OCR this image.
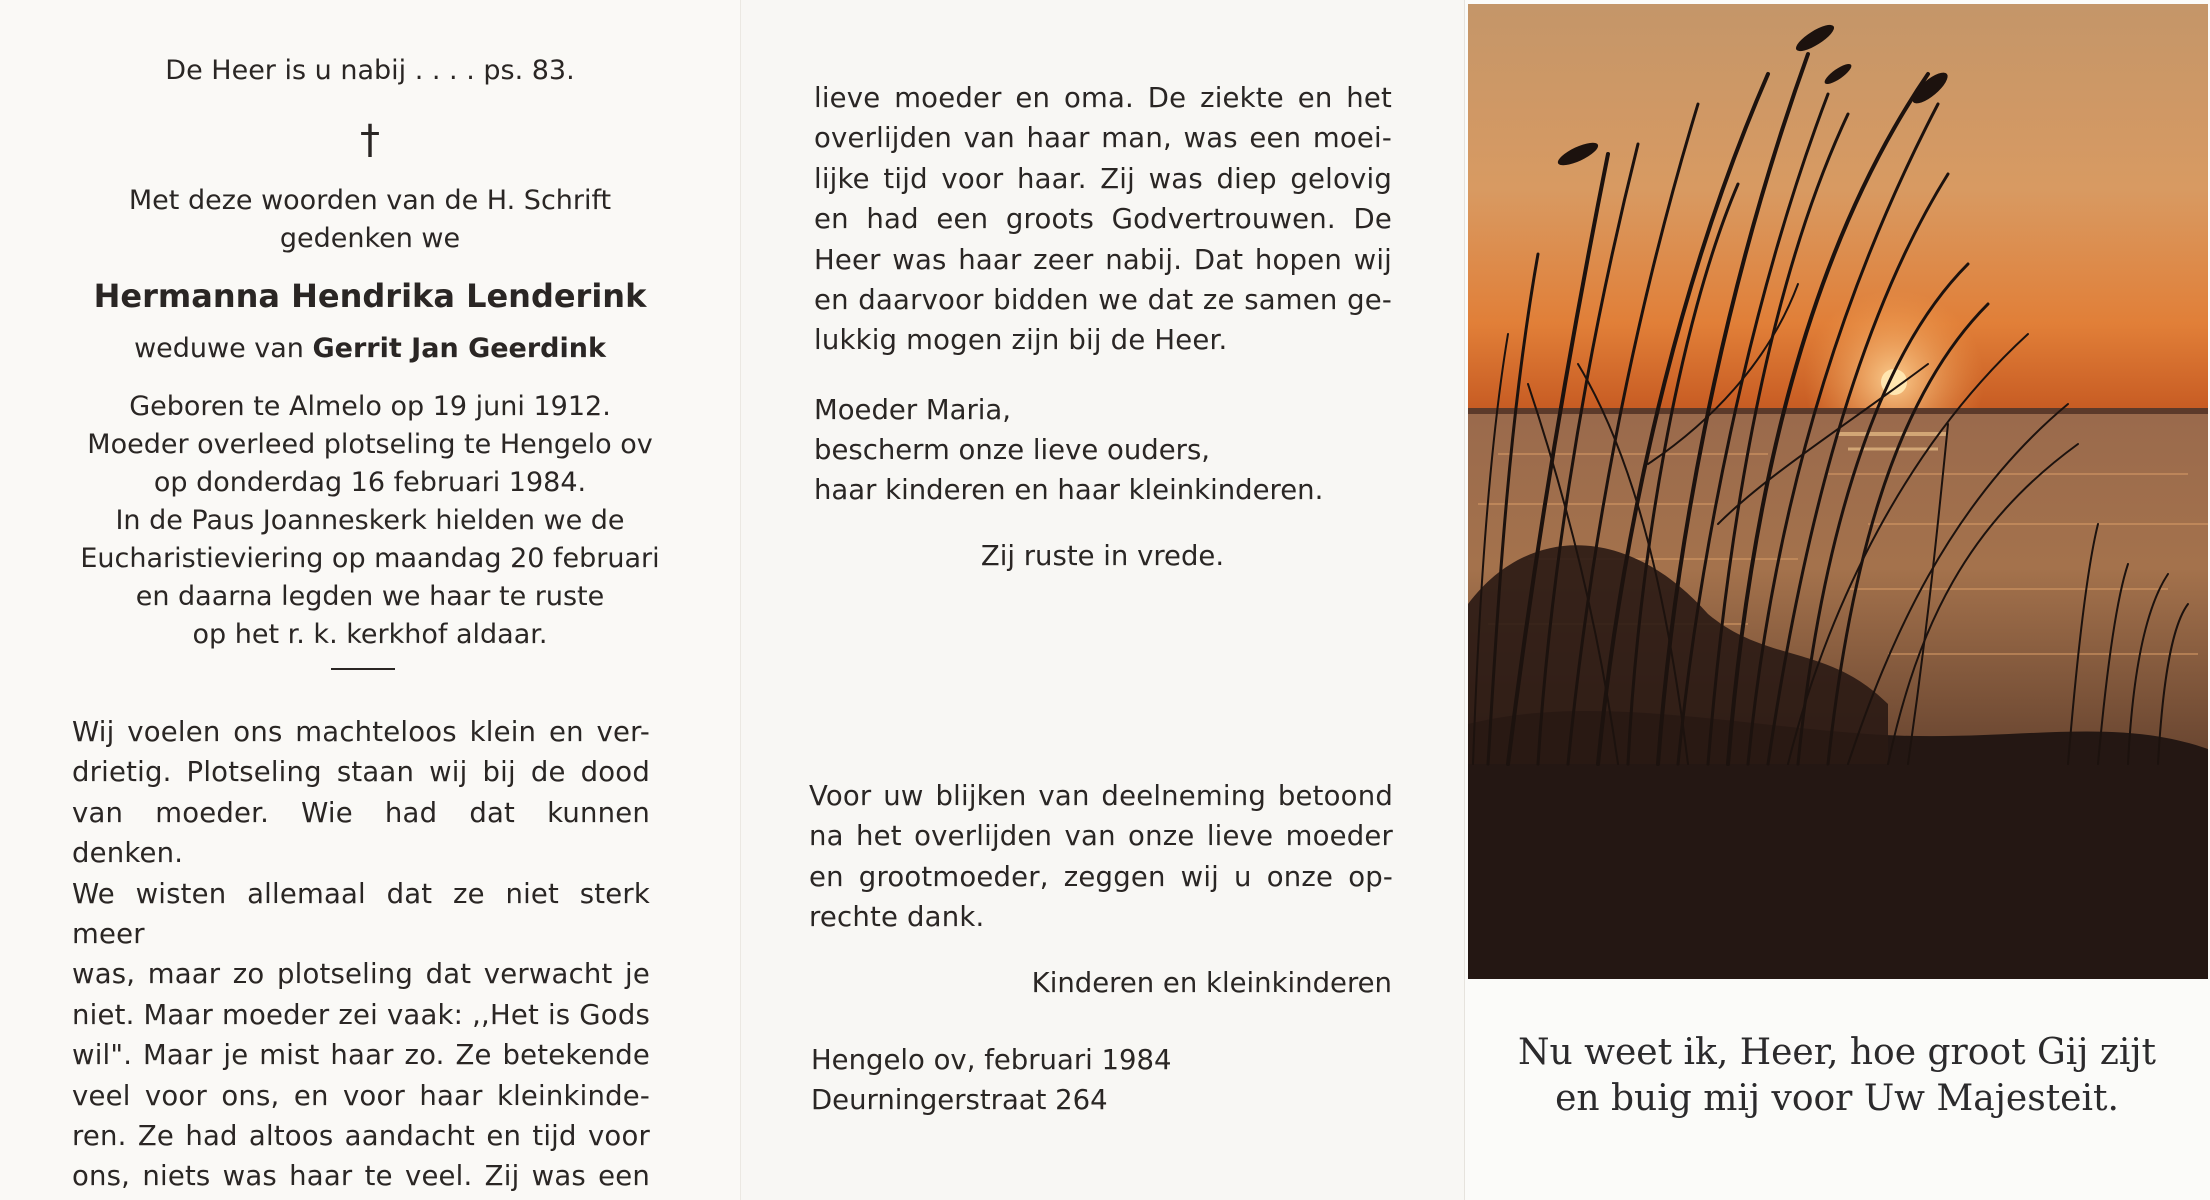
De Heer is u nabij . . . . ps. 83.

†

Met deze woorden van de H. Schrift

gedenken we

Hermanna Hendrika Lenderink

weduwe van Gerrit Jan Geerdink

Geboren te Almelo op 19 juni 1912.
Moeder overleed plotseling te Hengelo ov
op donderdag 16 februari 1984.
In de Paus Joanneskerk hielden we de
Eucharistieviering op maandag 20 februari
en daarna legden we haar te ruste
op het r. k. kerkhof aldaar.
Wij voelen ons machteloos klein en ver-
drietig. Plotseling staan wij bij de dood
van moeder. Wie had dat kunnen denken.
We wisten allemaal dat ze niet sterk meer
was, maar zo plotseling dat verwacht je
niet. Maar moeder zei vaak: ,,Het is Gods
wil". Maar je mist haar zo. Ze betekende
veel voor ons, en voor haar kleinkinde-
ren. Ze had altoos aandacht en tijd voor
ons, niets was haar te veel. Zij was een
lieve moeder en oma. De ziekte en het
overlijden van haar man, was een moei-
lijke tijd voor haar. Zij was diep gelovig
en had een groots Godvertrouwen. De
Heer was haar zeer nabij. Dat hopen wij
en daarvoor bidden we dat ze samen ge-
lukkig mogen zijn bij de Heer.
Moeder Maria,
bescherm onze lieve ouders,
haar kinderen en haar kleinkinderen.

Zij ruste in vrede.

Voor uw blijken van deelneming betoond
na het overlijden van onze lieve moeder
en grootmoeder, zeggen wij u onze op-
rechte dank.

Kinderen en kleinkinderen

Hengelo ov, februari 1984
Deurningerstraat 264
Nu weet ik, Heer, hoe groot Gij zijt
en buig mij voor Uw Majesteit.
